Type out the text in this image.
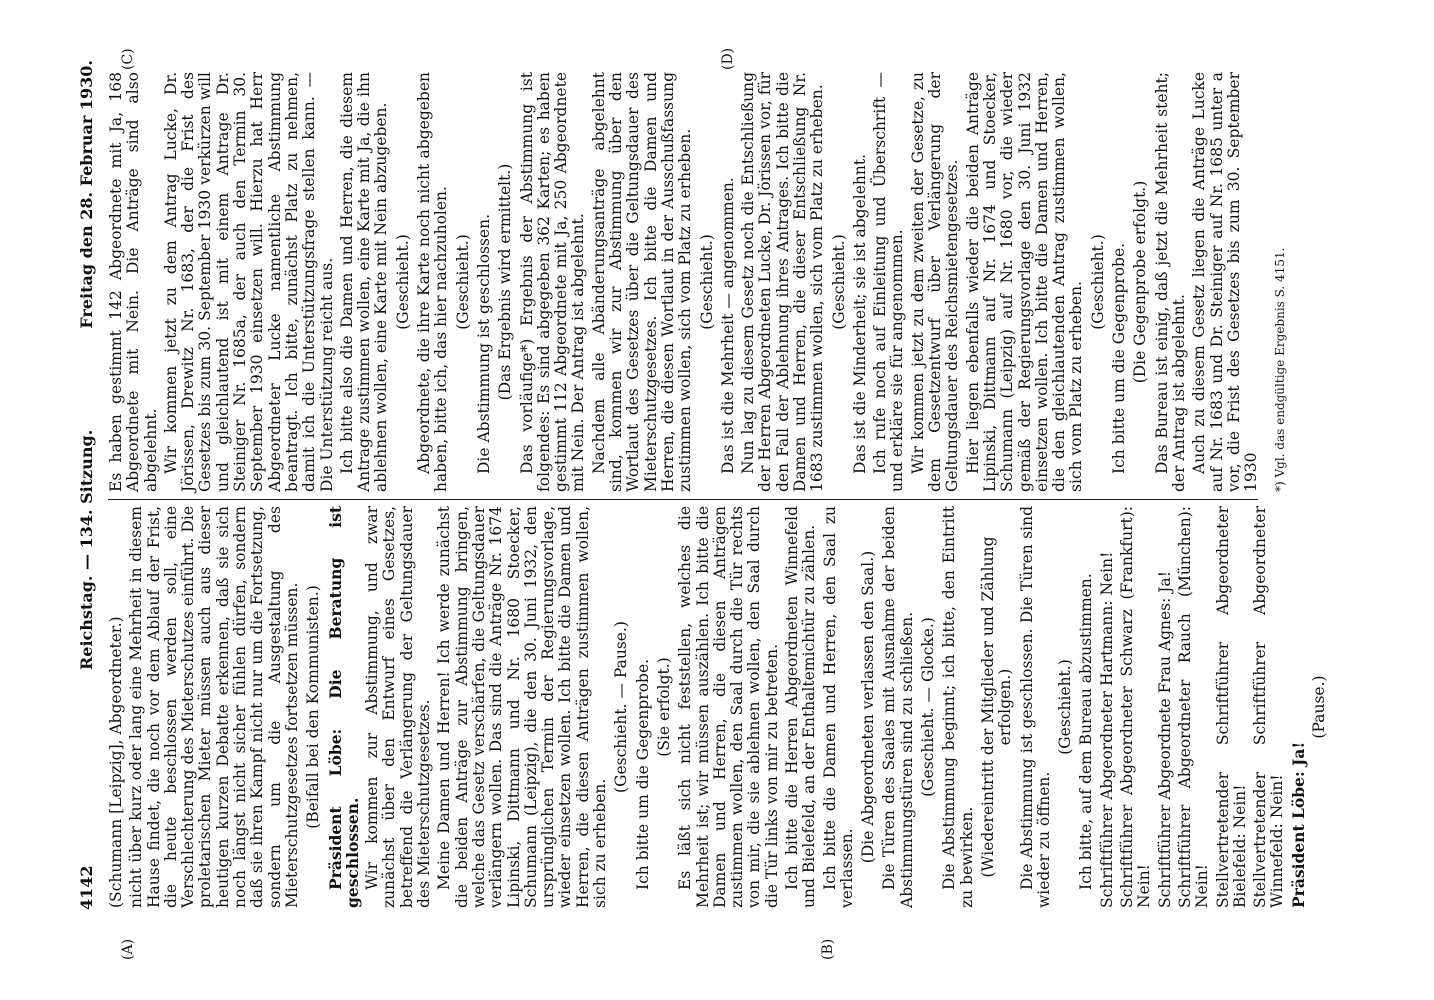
4142
Reichstag. — 134. Sitzung.
Freitag den 28. Februar 1930.
(A)	(B)
(C)	(D)

(Schumann [Leipzig], Abgeordneter.) nicht über kurz oder lang eine Mehrheit in diesem Hause findet, die noch vor dem Ablauf der Frist, die heute beschlossen werden soll, eine Verschlechterung des Mieterschutzes einführt. Die proletarischen Mieter müssen auch aus dieser heutigen kurzen Debatte erkennen, daß sie sich noch längst nicht sicher fühlen dürfen, sondern daß sie ihren Kampf nicht nur um die Fortsetzung, sondern um die Ausgestaltung des Mieterschutzgesetzes fortsetzen müssen. (Beifall bei den Kommunisten.) Präsident Löbe: Die Beratung ist geschlossen. Wir kommen zur Abstimmung, und zwar zunächst über den Entwurf eines Gesetzes, betreffend die Verlängerung der Geltungsdauer des Mieterschutzgesetzes. Meine Damen und Herren! Ich werde zunächst die beiden Anträge zur Abstimmung bringen, welche das Gesetz verschärfen, die Geltungsdauer verlängern wollen. Das sind die Anträge Nr. 1674 Lipinski, Dittmann und Nr. 1680 Stoecker, Schumann (Leipzig), die den 30. Juni 1932, den ursprünglichen Termin der Regierungsvorlage, wieder einsetzen wollen. Ich bitte die Damen und Herren, die diesen Anträgen zustimmen wollen, sich zu erheben.

(Geschieht. — Pause.) Ich bitte um die Gegenprobe. (Sie erfolgt.) Es läßt sich nicht feststellen, welches die Mehrheit ist; wir müssen auszählen. Ich bitte die Damen und Herren, die diesen Anträgen zustimmen wollen, den Saal durch die Tür rechts von mir, die sie ablehnen wollen, den Saal durch die Tür links von mir zu betreten. Ich bitte die Herren Abgeordneten Winnefeld und Bielefeld, an der Enthaltemichtür zu zählen. Ich bitte die Damen und Herren, den Saal zu verlassen.

(Die Abgeordneten verlassen den Saal.) Die Türen des Saales mit Ausnahme der beiden Abstimmungstüren sind zu schließen. (Geschieht. — Glocke.) Die Abstimmung beginnt; ich bitte, den Eintritt zu bewirken. (Wiedereintritt der Mitglieder und Zählung erfolgen.) Die Abstimmung ist geschlossen. Die Türen sind wieder zu öffnen.

(Geschieht.) Ich bitte, auf dem Bureau abzustimmen. Schriftführer Abgeordneter Hartmann: Nein! Schriftführer Abgeordneter Schwarz (Frankfurt): Nein! Schriftführer Abgeordnete Frau Agnes: Ja! Schriftführer Abgeordneter Rauch (München): Nein! Stellvertretender Schriftführer Abgeordneter Bielefeld: Nein! Stellvertretender Schriftführer Abgeordneter Winnefeld: Nein! Präsident Löbe: Ja!

(Pause.)

Es haben gestimmt 142 Abgeordnete mit Ja, 168 Abgeordnete mit Nein. Die Anträge sind also abgelehnt. Wir kommen jetzt zu dem Antrag Lucke, Dr. Jörissen, Drewitz Nr. 1683, der die Frist des Gesetzes bis zum 30. September 1930 verkürzen will und gleichlautend ist mit einem Antrage Dr. Steiniger Nr. 1685a, der auch den Termin 30. September 1930 einsetzen will. Hierzu hat Herr Abgeordneter Lucke namentliche Abstimmung beantragt. Ich bitte, zunächst Platz zu nehmen, damit ich die Unterstützungsfrage stellen kann. — Die Unterstützung reicht aus. Ich bitte also die Damen und Herren, die diesem Antrage zustimmen wollen, eine Karte mit Ja, die ihn ablehnen wollen, eine Karte mit Nein abzugeben. (Geschieht.) Abgeordnete, die ihre Karte noch nicht abgegeben haben, bitte ich, das hier nachzuholen. (Geschieht.) Die Abstimmung ist geschlossen. (Das Ergebnis wird ermittelt.) Das vorläufige*) Ergebnis der Abstimmung ist folgendes: Es sind abgegeben 362 Karten; es haben gestimmt 112 Abgeordnete mit Ja, 250 Abgeordnete mit Nein. Der Antrag ist abgelehnt. Nachdem alle Abänderungsanträge abgelehnt sind, kommen wir zur Abstimmung über den Wortlaut des Gesetzes über die Geltungsdauer des Mieterschutzgesetzes. Ich bitte die Damen und Herren, die diesen Wortlaut in der Ausschußfassung zustimmen wollen, sich vom Platz zu erheben. (Geschieht.) Das ist die Mehrheit — angenommen. Nun lag zu diesem Gesetz noch die Entschließung der Herren Abgeordneten Lucke, Dr. Jörissen vor, für den Fall der Ablehnung ihres Antrages. Ich bitte die Damen und Herren, die dieser Entschließung Nr. 1683 zustimmen wollen, sich vom Platz zu erheben. (Geschieht.) Das ist die Minderheit; sie ist abgelehnt. Ich rufe noch auf Einleitung und Überschrift — und erkläre sie für angenommen. Wir kommen jetzt zu dem zweiten der Gesetze, zu dem Gesetzentwurf über Verlängerung der Geltungsdauer des Reichsmietengesetzes. Hier liegen ebenfalls wieder die beiden Anträge Lipinski, Dittmann auf Nr. 1674 und Stoecker, Schumann (Leipzig) auf Nr. 1680 vor, die wieder gemäß der Regierungsvorlage den 30. Juni 1932 einsetzen wollen. Ich bitte die Damen und Herren, die den gleichlautenden Antrag zustimmen wollen, sich vom Platz zu erheben. (Geschieht.) Ich bitte um die Gegenprobe. (Die Gegenprobe erfolgt.) Das Bureau ist einig, daß jetzt die Mehrheit steht; der Antrag ist abgelehnt. Auch zu diesem Gesetz liegen die Anträge Lucke auf Nr. 1683 und Dr. Steiniger auf Nr. 1685 unter a vor, die Frist des Gesetzes bis zum 30. September 1930 *) Vgl. das endgültige Ergebnis S. 4151.
